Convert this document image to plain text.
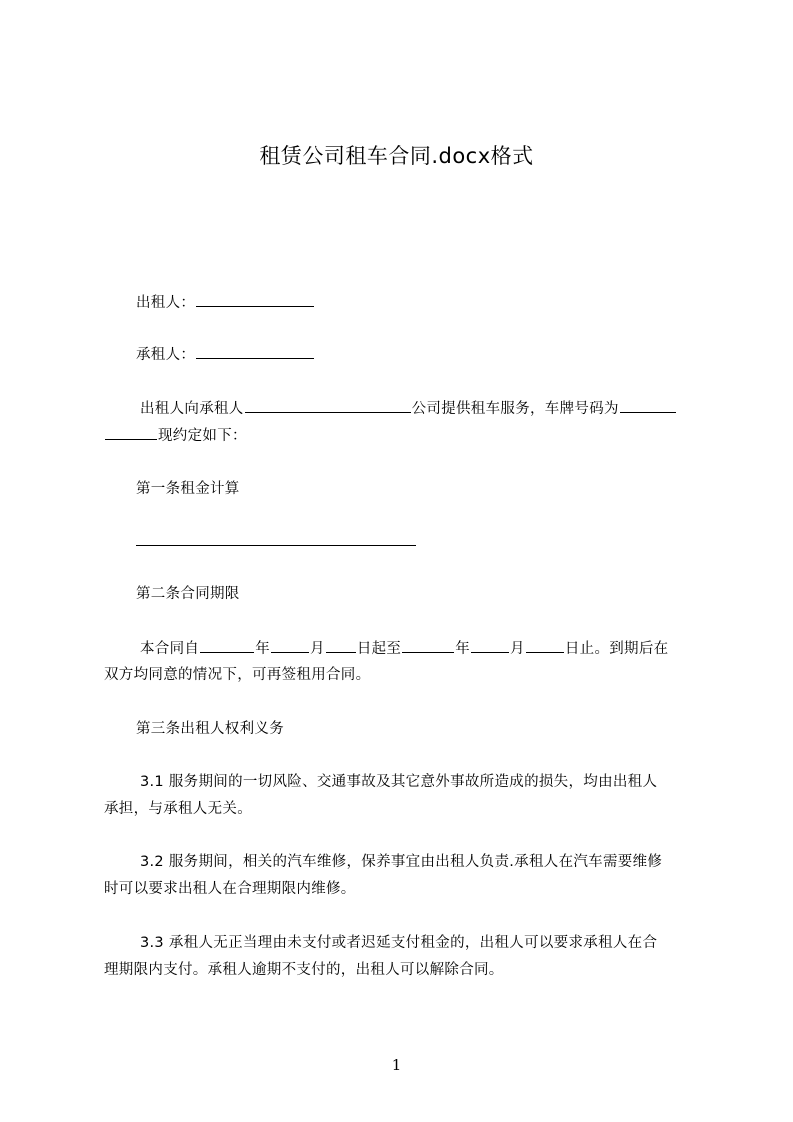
租赁公司租车合同.docx格式
出租人：
承租人：
出租人向承租人	公司提供租车服务，车牌号码为
现约定如下：
第一条租金计算
第二条合同期限
本合同自	年	月 日起至	年	月	日止。到期后在
双方均同意的情况下，可再签租用合同。
第三条出租人权利义务
3.1 服务期间的一切风险、交通事故及其它意外事故所造成的损失，均由出租人
承担，与承租人无关。
3.2 服务期间，相关的汽车维修，保养事宜由出租人负责.承租人在汽车需要维修
时可以要求出租人在合理期限内维修。
3.3 承租人无正当理由未支付或者迟延支付租金的，出租人可以要求承租人在合
理期限内支付。承租人逾期不支付的，出租人可以解除合同。
1
